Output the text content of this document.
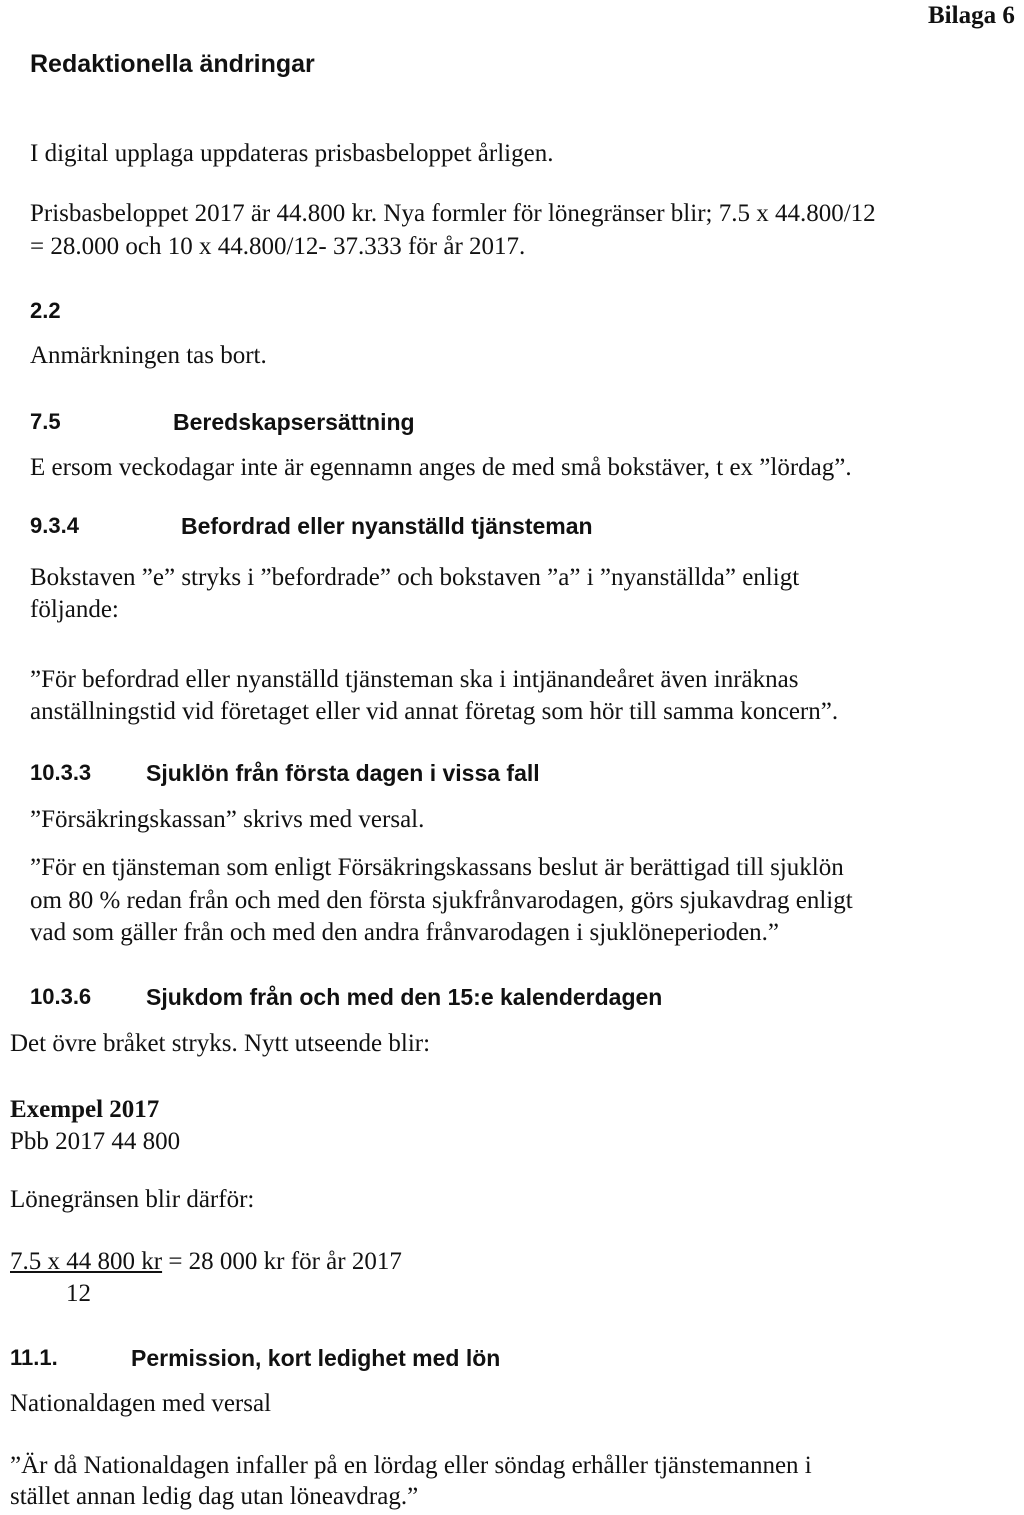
Bilaga 6
Redaktionella ändringar
I digital upplaga uppdateras prisbasbeloppet årligen.
Prisbasbeloppet 2017 är 44.800 kr. Nya formler för lönegränser blir; 7.5 x 44.800/12
= 28.000 och 10 x 44.800/12- 37.333 för år 2017.
2.2
Anmärkningen tas bort.
7.5	Beredskapsersättning
E ersom veckodagar inte är egennamn anges de med små bokstäver, t ex ”lördag”.
9.3.4	Befordrad eller nyanställd tjänsteman
Bokstaven ”e” stryks i ”befordrade” och bokstaven ”a” i ”nyanställda” enligt
följande:
”För befordrad eller nyanställd tjänsteman ska i intjänandeåret även inräknas
anställningstid vid företaget eller vid annat företag som hör till samma koncern”.
10.3.3 Sjuklön från första dagen i vissa fall
”Försäkringskassan” skrivs med versal.
”För en tjänsteman som enligt Försäkringskassans beslut är berättigad till sjuklön
om 80 % redan från och med den första sjukfrånvarodagen, görs sjukavdrag enligt
vad som gäller från och med den andra frånvarodagen i sjuklöneperioden.”
10.3.6 Sjukdom från och med den 15:e kalenderdagen
Det övre bråket stryks. Nytt utseende blir:
Exempel 2017
Pbb 2017 44 800
Lönegränsen blir därför:
7.5 x 44 800 kr = 28 000 kr för år 2017
12
11.1.	Permission, kort ledighet med lön
Nationaldagen med versal
”Är då Nationaldagen infaller på en lördag eller söndag erhåller tjänstemannen i
stället annan ledig dag utan löneavdrag.”
